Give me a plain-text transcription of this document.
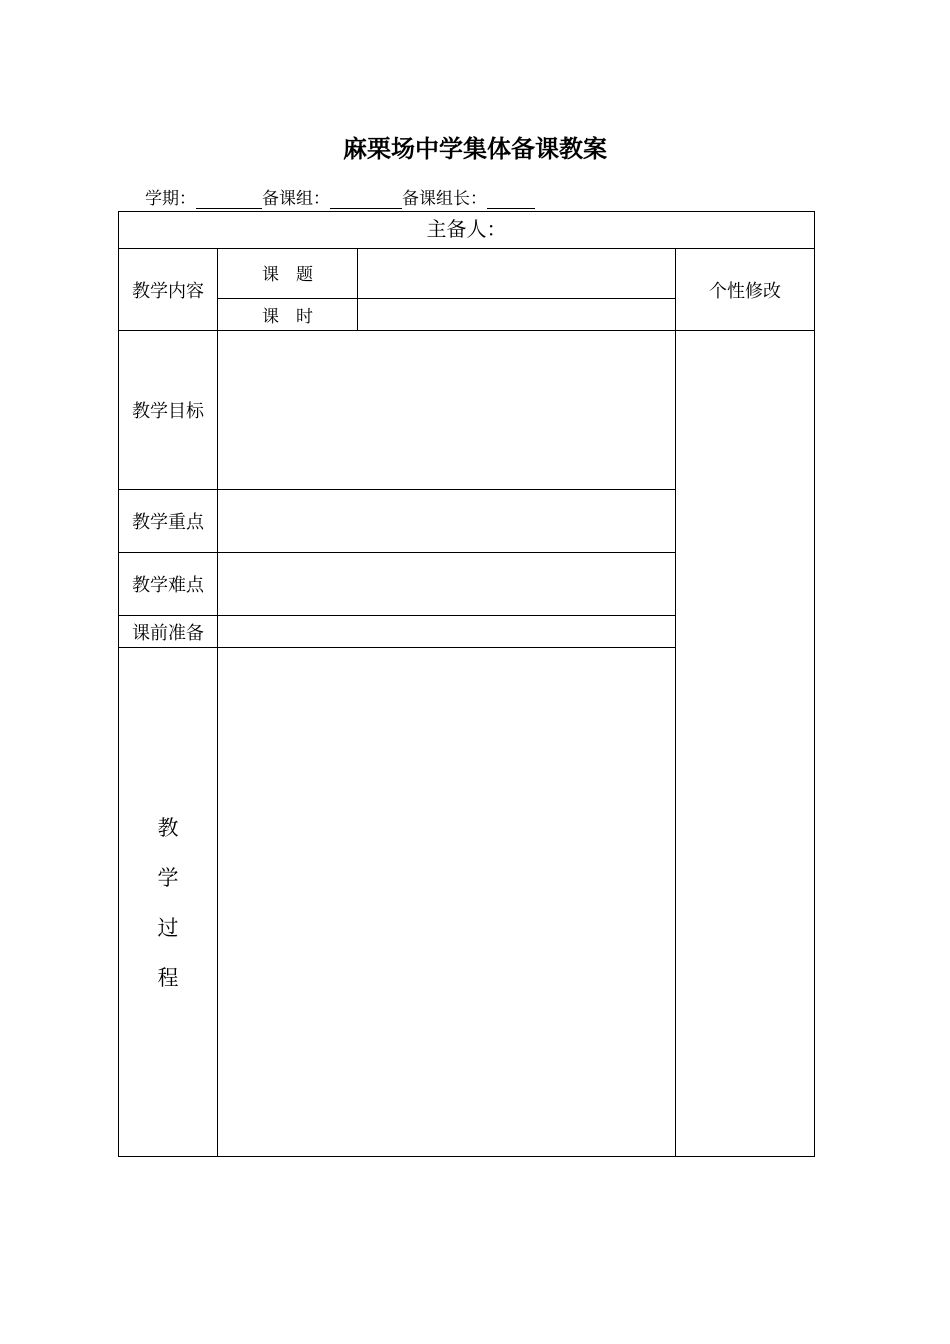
麻栗场中学集体备课教案
学期：	备课组：	备课组长：
主备人：
教学内容
课　题
课　时
个性修改
教学目标
教学重点
教学难点
课前准备
教
学
过
程
